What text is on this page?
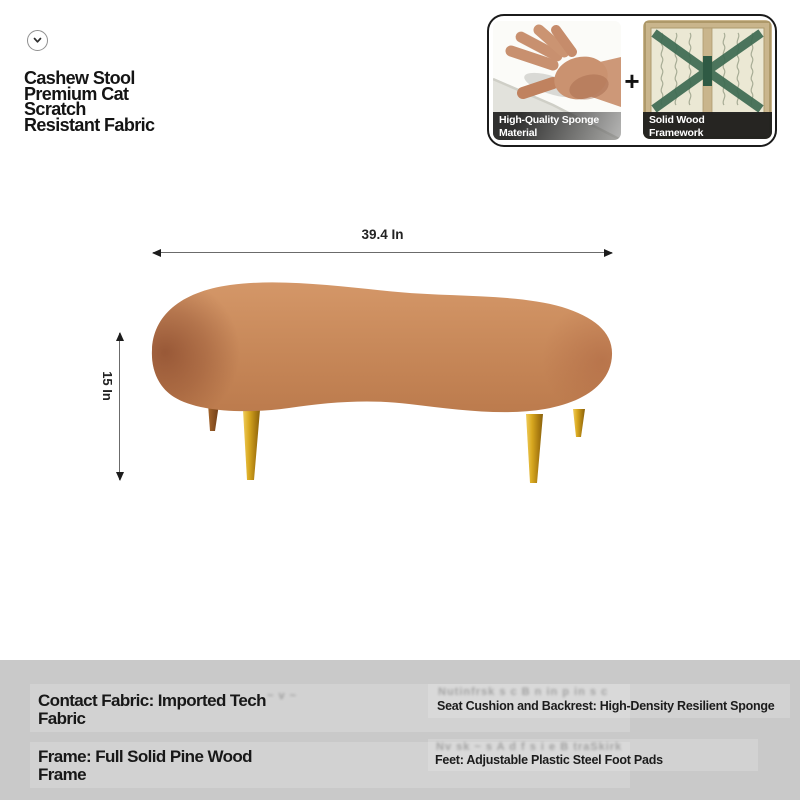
Cashew Stool
Premium Cat
Scratch
Resistant Fabric	High-Quality Sponge
Material
+
Solid Wood
Framework
39.4 In
15 In
Nutinfrsk s c B n in p in s c
Nv sk ~ s A d f s i e B traSkirk
~ v ~
Contact Fabric: Imported Tech Fabric
Frame: Full Solid Pine Wood Frame
Seat Cushion and Backrest: High-Density Resilient Sponge
Feet: Adjustable Plastic Steel Foot Pads
